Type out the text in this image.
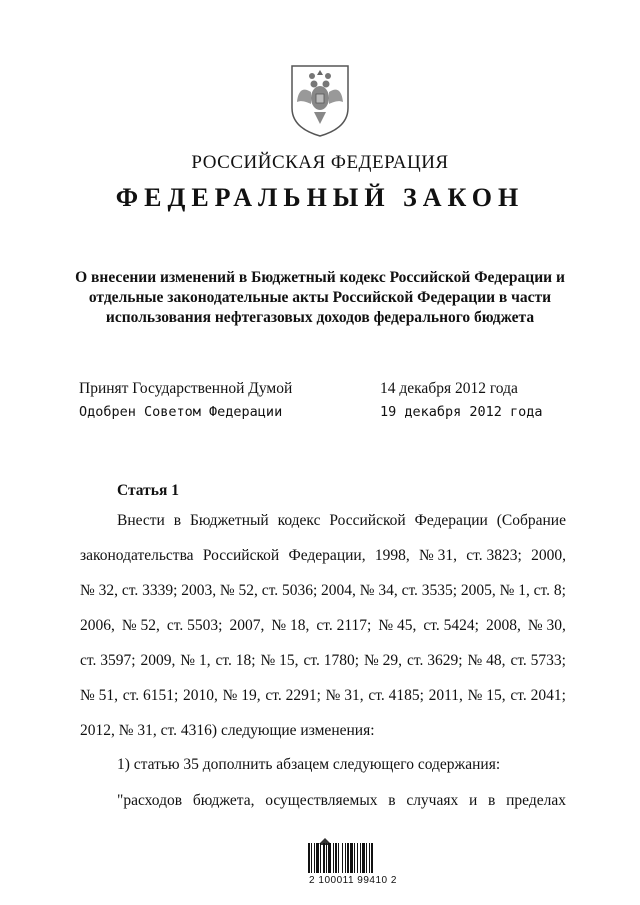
РОССИЙСКАЯ ФЕДЕРАЦИЯ
ФЕДЕРАЛЬНЫЙ ЗАКОН
О внесении изменений в Бюджетный кодекс Российской Федерации и
отдельные законодательные акты Российской Федерации в части
использования нефтегазовых доходов федерального бюджета
Принят Государственной Думой	14 декабря 2012 года
Одобрен Советом Федерации	19 декабря 2012 года
Статья 1
Внести в Бюджетный кодекс Российской Федерации (Собрание
законодательства Российской Федерации, 1998, № 31, ст. 3823; 2000,
№ 32, ст. 3339; 2003, № 52, ст. 5036; 2004, № 34, ст. 3535; 2005, № 1, ст. 8;
2006, № 52, ст. 5503; 2007, № 18, ст. 2117; № 45, ст. 5424; 2008, № 30,
ст. 3597; 2009, № 1, ст. 18; № 15, ст. 1780; № 29, ст. 3629; № 48, ст. 5733;
№ 51, ст. 6151; 2010, № 19, ст. 2291; № 31, ст. 4185; 2011, № 15, ст. 2041;
2012, № 31, ст. 4316) следующие изменения:
1) статью 35 дополнить абзацем следующего содержания:
"расходов бюджета, осуществляемых в случаях и в пределах
2 100011 99410 2
